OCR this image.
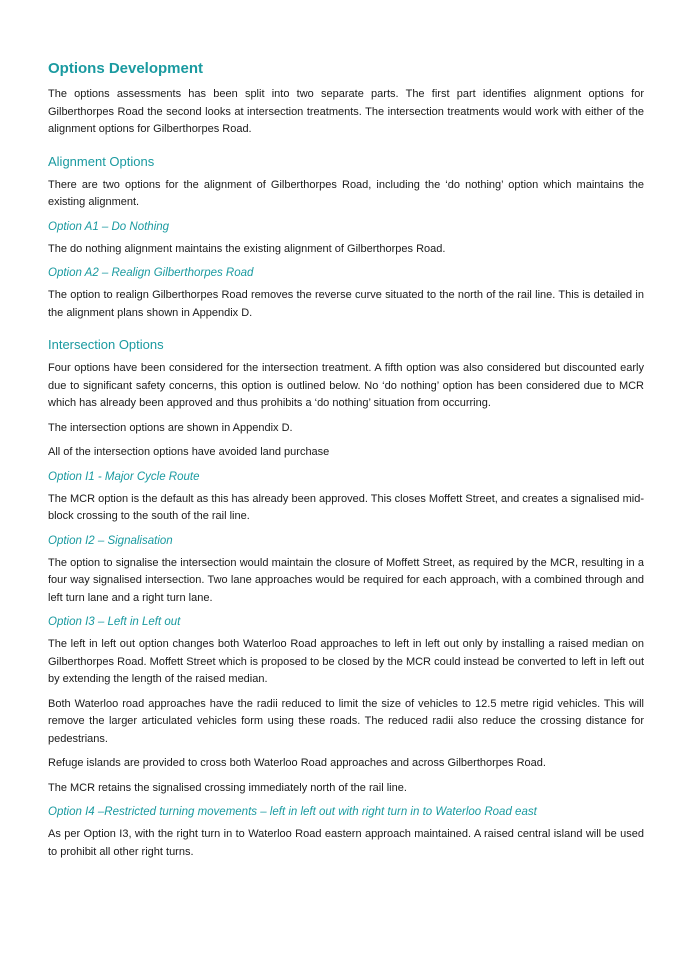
Options Development

The options assessments has been split into two separate parts. The first part identifies alignment options for Gilberthorpes Road the second looks at intersection treatments. The intersection treatments would work with either of the alignment options for Gilberthorpes Road.

Alignment Options

There are two options for the alignment of Gilberthorpes Road, including the ‘do nothing’ option which maintains the existing alignment.

Option A1 – Do Nothing

The do nothing alignment maintains the existing alignment of Gilberthorpes Road.

Option A2 – Realign Gilberthorpes Road

The option to realign Gilberthorpes Road removes the reverse curve situated to the north of the rail line. This is detailed in the alignment plans shown in Appendix D.

Intersection Options

Four options have been considered for the intersection treatment. A fifth option was also considered but discounted early due to significant safety concerns, this option is outlined below. No ‘do nothing’ option has been considered due to MCR which has already been approved and thus prohibits a ‘do nothing’ situation from occurring.

The intersection options are shown in Appendix D.

All of the intersection options have avoided land purchase

Option I1 - Major Cycle Route

The MCR option is the default as this has already been approved. This closes Moffett Street, and creates a signalised mid-block crossing to the south of the rail line.

Option I2 – Signalisation

The option to signalise the intersection would maintain the closure of Moffett Street, as required by the MCR, resulting in a four way signalised intersection. Two lane approaches would be required for each approach, with a combined through and left turn lane and a right turn lane.

Option I3 – Left in Left out

The left in left out option changes both Waterloo Road approaches to left in left out only by installing a raised median on Gilberthorpes Road. Moffett Street which is proposed to be closed by the MCR could instead be converted to left in left out by extending the length of the raised median.

Both Waterloo road approaches have the radii reduced to limit the size of vehicles to 12.5 metre rigid vehicles. This will remove the larger articulated vehicles form using these roads. The reduced radii also reduce the crossing distance for pedestrians.

Refuge islands are provided to cross both Waterloo Road approaches and across Gilberthorpes Road.

The MCR retains the signalised crossing immediately north of the rail line.

Option I4 –Restricted turning movements – left in left out with right turn in to Waterloo Road east

As per Option I3, with the right turn in to Waterloo Road eastern approach maintained. A raised central island will be used to prohibit all other right turns.
